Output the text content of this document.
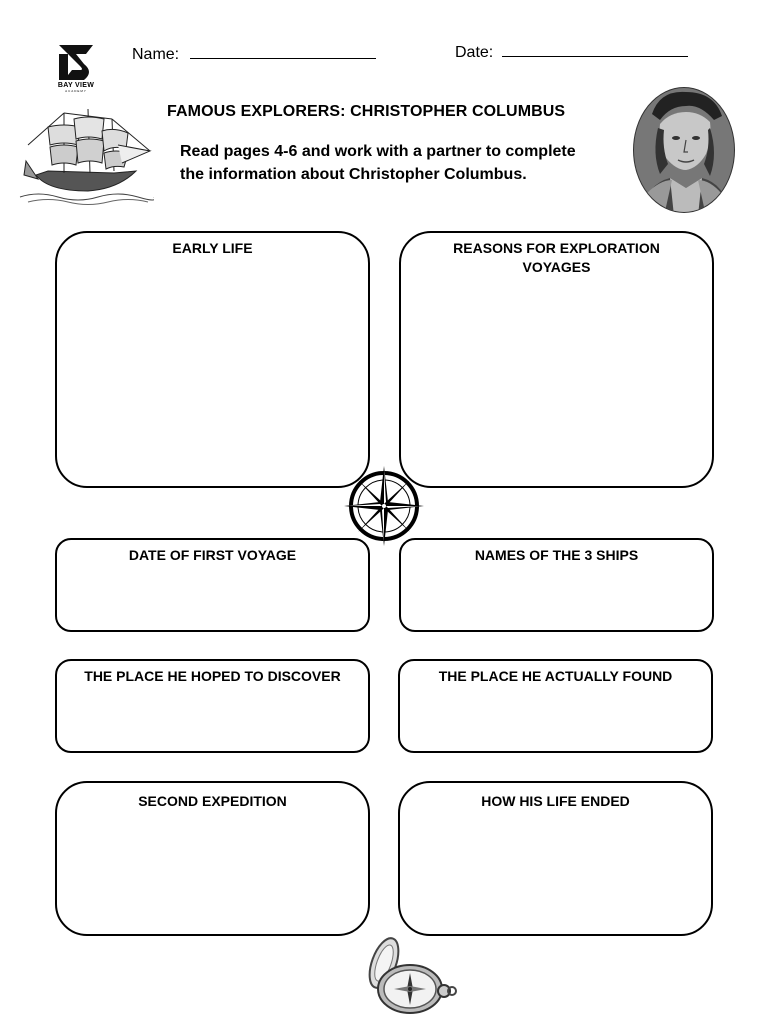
BAY VIEW
ACADEMY
Name:	Date:
FAMOUS EXPLORERS: CHRISTOPHER COLUMBUS
Read pages 4-6 and work with a partner to complete
the information about Christopher Columbus.
EARLY LIFE	REASONS FOR EXPLORATION
VOYAGES
DATE OF FIRST VOYAGE	NAMES OF THE 3 SHIPS
THE PLACE HE HOPED TO DISCOVER	THE PLACE HE ACTUALLY FOUND
SECOND EXPEDITION	HOW HIS LIFE ENDED
